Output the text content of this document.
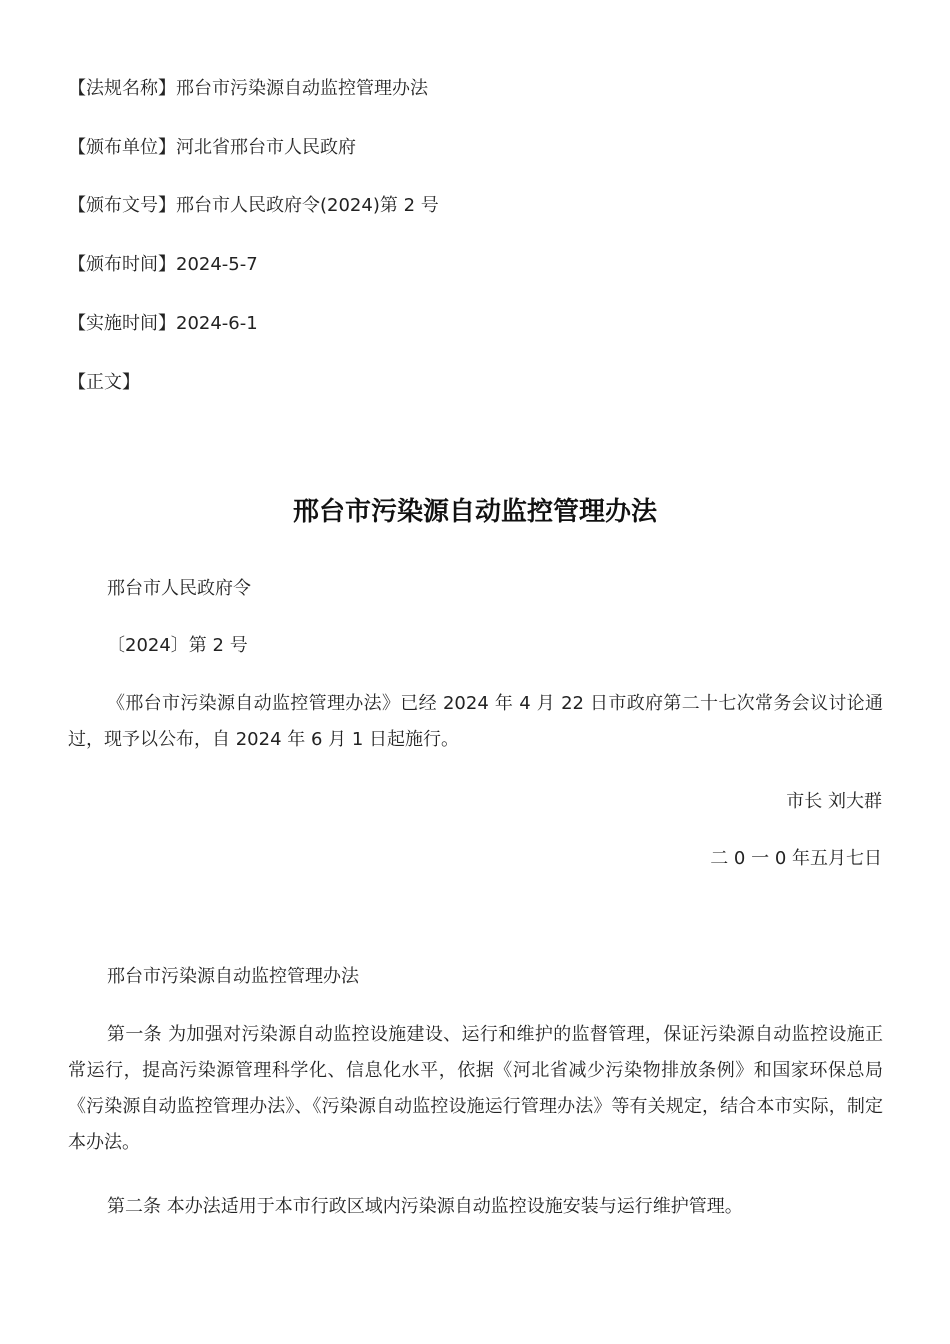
【法规名称】邢台市污染源自动监控管理办法
【颁布单位】河北省邢台市人民政府
【颁布文号】邢台市人民政府令(2024)第 2 号
【颁布时间】2024-5-7
【实施时间】2024-6-1
【正文】
邢台市污染源自动监控管理办法
邢台市人民政府令
〔2024〕第 2 号
《邢台市污染源自动监控管理办法》已经 2024 年 4 月 22 日市政府第二十七次常务会议讨论通过，现予以公布，自 2024 年 6 月 1 日起施行。
市长 刘大群
二 0 一 0 年五月七日
邢台市污染源自动监控管理办法
第一条 为加强对污染源自动监控设施建设、运行和维护的监督管理，保证污染源自动监控设施正常运行，提高污染源管理科学化、信息化水平，依据《河北省减少污染物排放条例》和国家环保总局《污染源自动监控管理办法》、《污染源自动监控设施运行管理办法》等有关规定，结合本市实际，制定本办法。
第二条 本办法适用于本市行政区域内污染源自动监控设施安装与运行维护管理。
